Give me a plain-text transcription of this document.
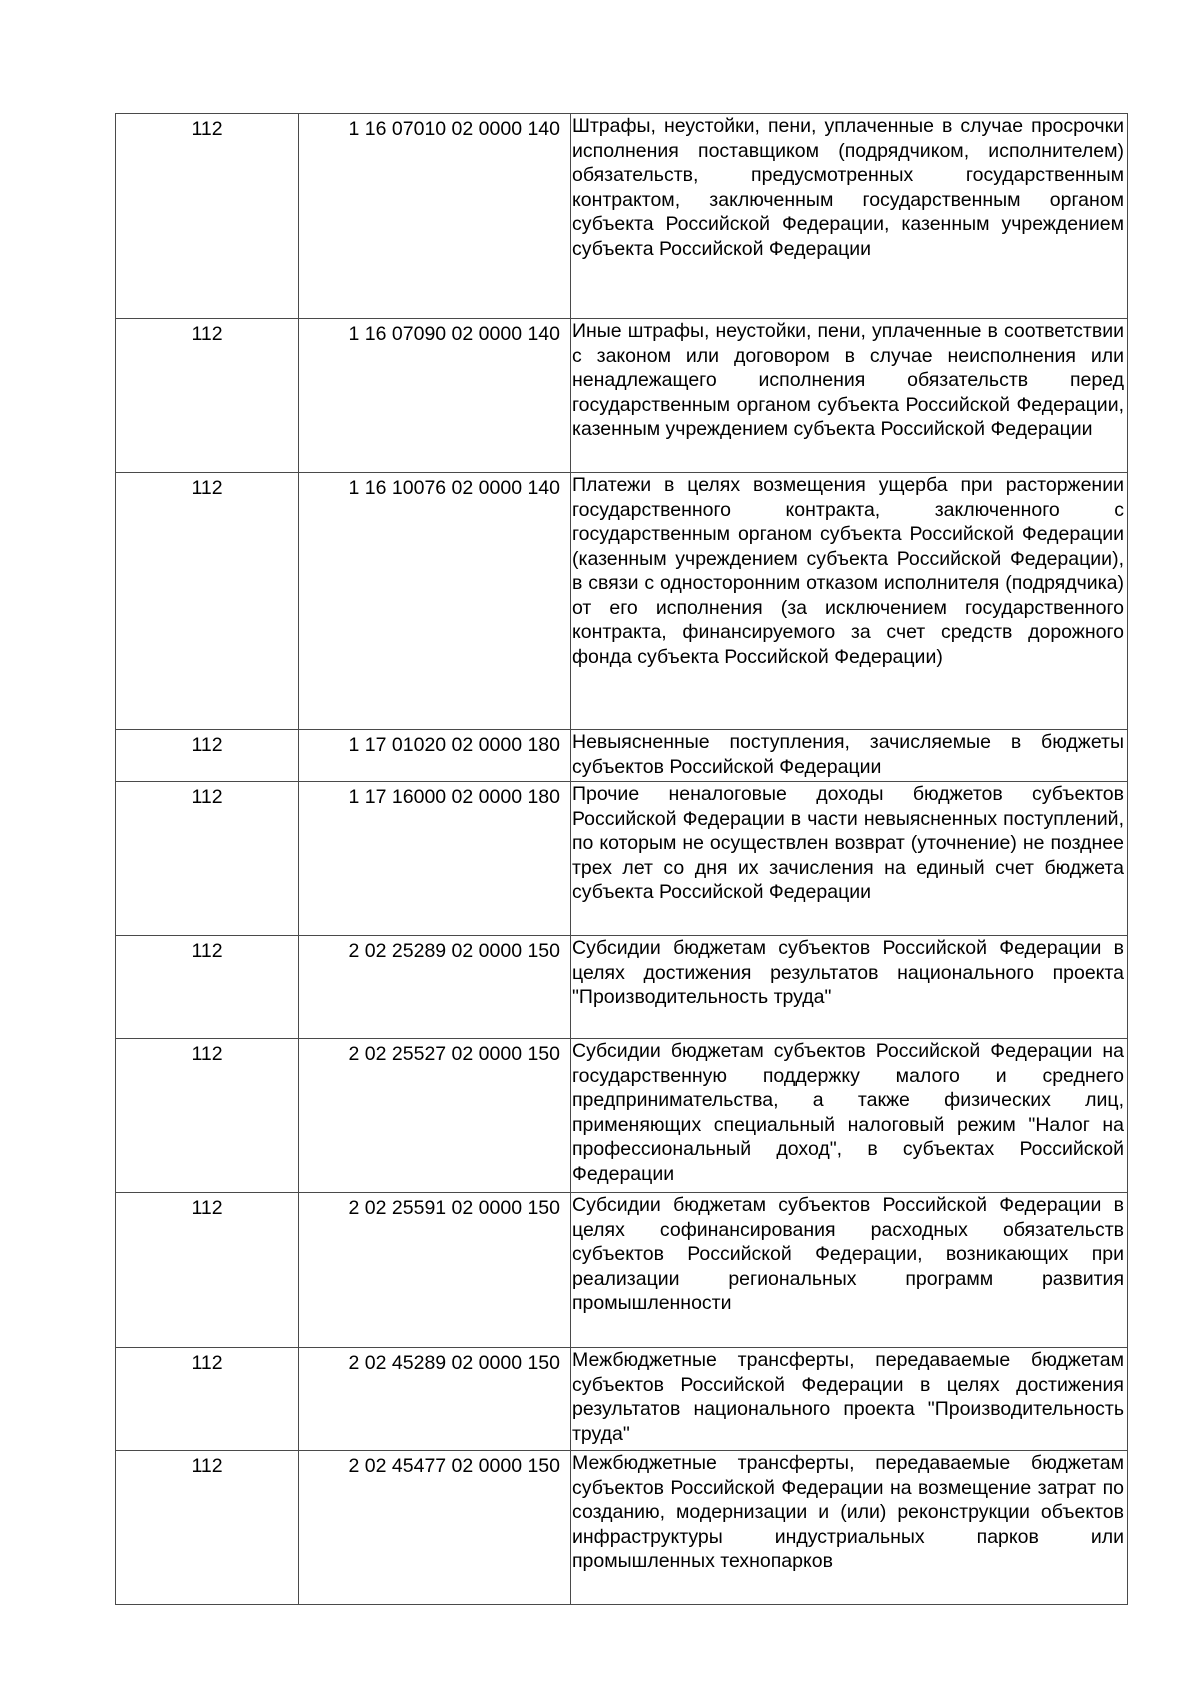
112	1 16 07010 02 0000 140	Штрафы, неустойки, пени, уплаченные в случае просрочки исполнения поставщиком (подрядчиком, исполнителем) обязательств, предусмотренных государственным контрактом, заключенным государственным органом субъекта Российской Федерации, казенным учреждением субъекта Российской Федерации
112	1 16 07090 02 0000 140	Иные штрафы, неустойки, пени, уплаченные в соответствии с законом или договором в случае неисполнения или ненадлежащего исполнения обязательств перед государственным органом субъекта Российской Федерации, казенным учреждением субъекта Российской Федерации
112	1 16 10076 02 0000 140	Платежи в целях возмещения ущерба при расторжении государственного контракта, заключенного с государственным органом субъекта Российской Федерации (казенным учреждением субъекта Российской Федерации), в связи с односторонним отказом исполнителя (подрядчика) от его исполнения (за исключением государственного контракта, финансируемого за счет средств дорожного фонда субъекта Российской Федерации)
112	1 17 01020 02 0000 180	Невыясненные поступления, зачисляемые в бюджеты субъектов Российской Федерации
112	1 17 16000 02 0000 180	Прочие неналоговые доходы бюджетов субъектов Российской Федерации в части невыясненных поступлений, по которым не осуществлен возврат (уточнение) не позднее трех лет со дня их зачисления на единый счет бюджета субъекта Российской Федерации
112	2 02 25289 02 0000 150	Субсидии бюджетам субъектов Российской Федерации в целях достижения результатов национального проекта "Производительность труда"
112	2 02 25527 02 0000 150	Субсидии бюджетам субъектов Российской Федерации на государственную поддержку малого и среднего предпринимательства, а также физических лиц, применяющих специальный налоговый режим "Налог на профессиональный доход", в субъектах Российской Федерации
112	2 02 25591 02 0000 150	Субсидии бюджетам субъектов Российской Федерации в целях софинансирования расходных обязательств субъектов Российской Федерации, возникающих при реализации региональных программ развития промышленности
112	2 02 45289 02 0000 150	Межбюджетные трансферты, передаваемые бюджетам субъектов Российской Федерации в целях достижения результатов национального проекта "Производительность труда"
112	2 02 45477 02 0000 150	Межбюджетные трансферты, передаваемые бюджетам субъектов Российской Федерации на возмещение затрат по созданию, модернизации и (или) реконструкции объектов инфраструктуры индустриальных парков или промышленных технопарков
